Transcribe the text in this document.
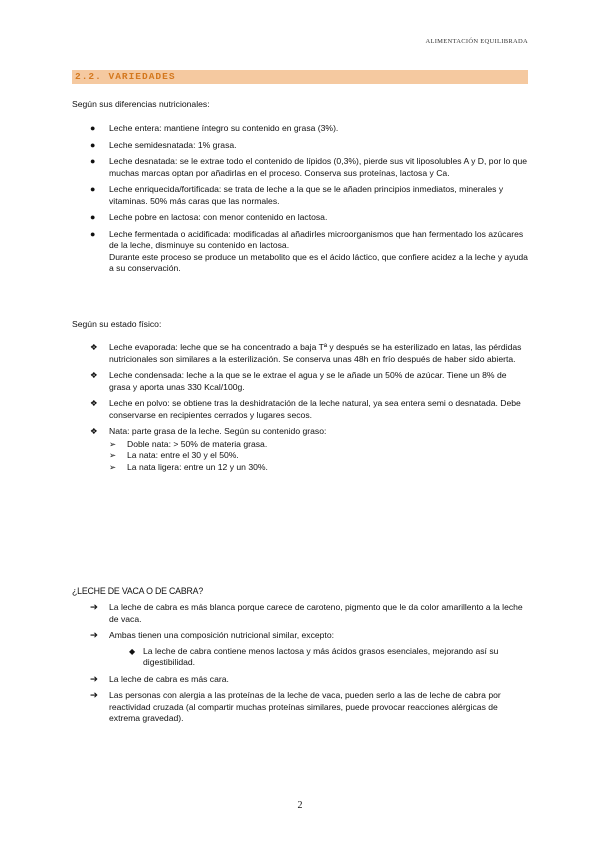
ALIMENTACIÓN EQUILIBRADA
2.2. VARIEDADES
Según sus diferencias nutricionales:
● Leche entera: mantiene íntegro su contenido en grasa (3%).
● Leche semidesnatada: 1% grasa.
● Leche desnatada: se le extrae todo el contenido de lípidos (0,3%), pierde sus vit liposolubles A y D, por lo que muchas marcas optan por añadirlas en el proceso. Conserva sus proteínas, lactosa y Ca.
● Leche enriquecida/fortificada: se trata de leche a la que se le añaden principios inmediatos, minerales y vitaminas. 50% más caras que las normales.
● Leche pobre en lactosa: con menor contenido en lactosa.
● Leche fermentada o acidificada: modificadas al añadirles microorganismos que han fermentado los azúcares de la leche, disminuye su contenido en lactosa.
Durante este proceso se produce un metabolito que es el ácido láctico, que confiere acidez a la leche y ayuda a su conservación.
Según su estado físico:
❖ Leche evaporada: leche que se ha concentrado a baja Tª y después se ha esterilizado en latas, las pérdidas nutricionales son similares a la esterilización. Se conserva unas 48h en frío después de haber sido abierta.
❖ Leche condensada: leche a la que se le extrae el agua y se le añade un 50% de azúcar. Tiene un 8% de grasa y aporta unas 330 Kcal/100g.
❖ Leche en polvo: se obtiene tras la deshidratación de la leche natural, ya sea entera semi o desnatada. Debe conservarse en recipientes cerrados y lugares secos.
❖ Nata: parte grasa de la leche. Según su contenido graso:
➢ Doble nata: > 50% de materia grasa.
➢ La nata: entre el 30 y el 50%.
➢ La nata ligera: entre un 12 y un 30%.
¿LECHE DE VACA O DE CABRA?
➔ La leche de cabra es más blanca porque carece de caroteno, pigmento que le da color amarillento a la leche de vaca.
➔ Ambas tienen una composición nutricional similar, excepto:
◆ La leche de cabra contiene menos lactosa y más ácidos grasos esenciales, mejorando así su digestibilidad.
➔ La leche de cabra es más cara.
➔ Las personas con alergia a las proteínas de la leche de vaca, pueden serlo a las de leche de cabra por reactividad cruzada (al compartir muchas proteínas similares, puede provocar reacciones alérgicas de extrema gravedad).
2
